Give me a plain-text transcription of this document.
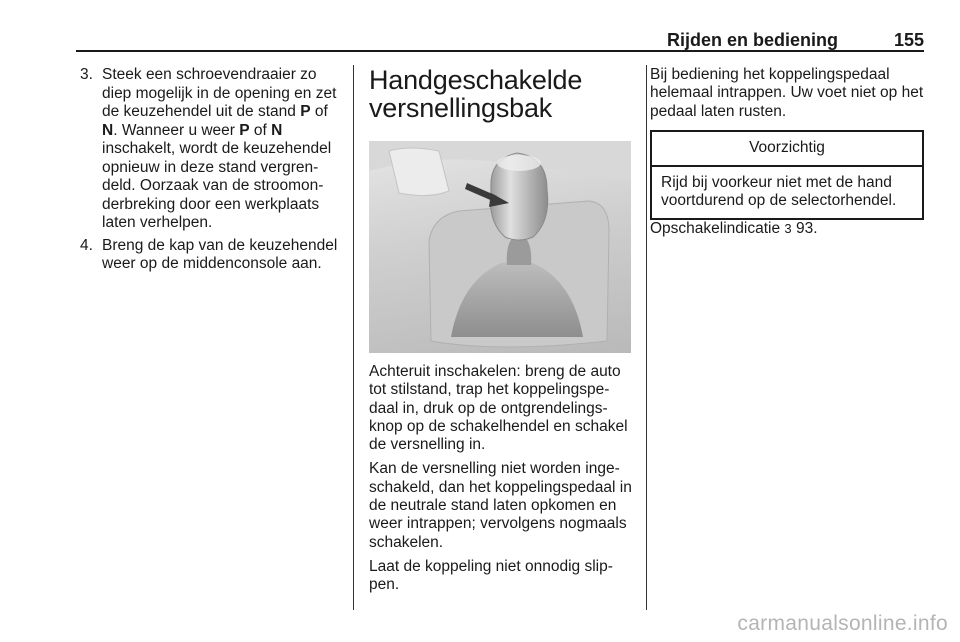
Rijden en bediening	155
3. Steek een schroevendraaier zo diep mogelijk in de opening en zet de keuzehendel uit de stand P of N. Wanneer u weer P of N inschakelt, wordt de keuzehendel opnieuw in deze stand vergren- deld. Oorzaak van de stroomon- derbreking door een werkplaats laten verhelpen.
4. Breng de kap van de keuzehendel weer op de middenconsole aan.
Handgeschakelde versnellingsbak

Achteruit inschakelen: breng de auto tot stilstand, trap het koppelingspe- daal in, druk op de ontgrendelings- knop op de schakelhendel en schakel de versnelling in.

Kan de versnelling niet worden inge- schakeld, dan het koppelingspedaal in de neutrale stand laten opkomen en weer intrappen; vervolgens nogmaals schakelen.

Laat de koppeling niet onnodig slip- pen.

Bij bediening het koppelingspedaal helemaal intrappen. Uw voet niet op het pedaal laten rusten.

Voorzichtig
Rijd bij voorkeur niet met de hand voortdurend op de selectorhendel.

Opschakelindicatie 3 93.

carmanualsonline.info
